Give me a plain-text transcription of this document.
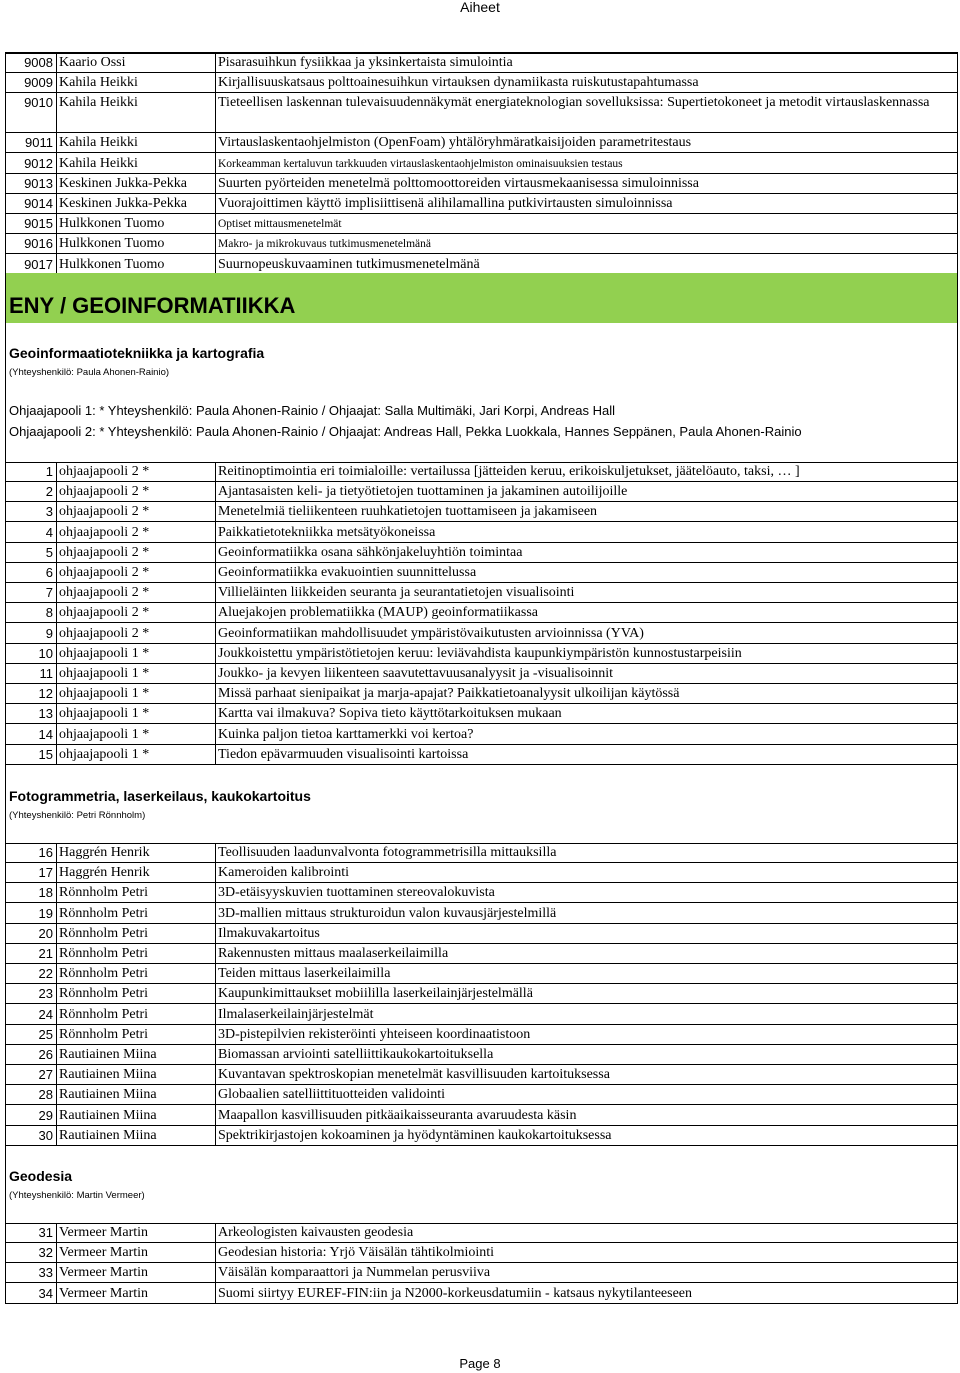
Aiheet
9008 Kaario Ossi	Pisarasuihkun fysiikkaa ja yksinkertaista simulointia
9009 Kahila Heikki	Kirjallisuuskatsaus polttoainesuihkun virtauksen dynamiikasta ruiskutustapahtumassa
9010 Kahila Heikki	Tieteellisen laskennan tulevaisuudennäkymät energiateknologian sovelluksissa: Supertietokoneet ja metodit virtauslaskennassa
9011 Kahila Heikki	Virtauslaskentaohjelmiston (OpenFoam) yhtälöryhmäratkaisijoiden parametritestaus
9012 Kahila Heikki	Korkeamman kertaluvun tarkkuuden virtauslaskentaohjelmiston ominaisuuksien testaus
9013 Keskinen Jukka-Pekka	Suurten pyörteiden menetelmä polttomoottoreiden virtausmekaanisessa simuloinnissa
9014 Keskinen Jukka-Pekka	Vuorajoittimen käyttö implisiittisenä alihilamallina putkivirtausten simuloinnissa
9015 Hulkkonen Tuomo	Optiset mittausmenetelmät
9016 Hulkkonen Tuomo	Makro- ja mikrokuvaus tutkimusmenetelmänä
9017 Hulkkonen Tuomo	Suurnopeuskuvaaminen tutkimusmenetelmänä
ENY / GEOINFORMATIIKKA
Geoinformaatiotekniikka ja kartografia
(Yhteyshenkilö: Paula Ahonen-Rainio)
Ohjaajapooli 1: * Yhteyshenkilö: Paula Ahonen-Rainio / Ohjaajat: Salla Multimäki, Jari Korpi, Andreas Hall
Ohjaajapooli 2: * Yhteyshenkilö: Paula Ahonen-Rainio / Ohjaajat: Andreas Hall, Pekka Luokkala, Hannes Seppänen, Paula Ahonen-Rainio
1 ohjaajapooli 2 *	Reitinoptimointia eri toimialoille: vertailussa [jätteiden keruu, erikoiskuljetukset, jäätelöauto, taksi, … ]
2 ohjaajapooli 2 *	Ajantasaisten keli- ja tietyötietojen tuottaminen ja jakaminen autoilijoille
3 ohjaajapooli 2 *	Menetelmiä tieliikenteen ruuhkatietojen tuottamiseen ja jakamiseen
4 ohjaajapooli 2 *	Paikkatietotekniikka metsätyökoneissa
5 ohjaajapooli 2 *	Geoinformatiikka osana sähkönjakeluyhtiön toimintaa
6 ohjaajapooli 2 *	Geoinformatiikka evakuointien suunnittelussa
7 ohjaajapooli 2 *	Villieläinten liikkeiden seuranta ja seurantatietojen visualisointi
8 ohjaajapooli 2 *	Aluejakojen problematiikka (MAUP) geoinformatiikassa
9 ohjaajapooli 2 *	Geoinformatiikan mahdollisuudet ympäristövaikutusten arvioinnissa (YVA)
10 ohjaajapooli 1 *	Joukkoistettu ympäristötietojen keruu: leviävahdista kaupunkiympäristön kunnostustarpeisiin
11 ohjaajapooli 1 *	Joukko- ja kevyen liikenteen saavutettavuusanalyysit ja -visualisoinnit
12 ohjaajapooli 1 *	Missä parhaat sienipaikat ja marja-apajat? Paikkatietoanalyysit ulkoilijan käytössä
13 ohjaajapooli 1 *	Kartta vai ilmakuva? Sopiva tieto käyttötarkoituksen mukaan
14 ohjaajapooli 1 *	Kuinka paljon tietoa karttamerkki voi kertoa?
15 ohjaajapooli 1 *	Tiedon epävarmuuden visualisointi kartoissa
Fotogrammetria, laserkeilaus, kaukokartoitus
(Yhteyshenkilö: Petri Rönnholm)
16 Haggrén Henrik	Teollisuuden laadunvalvonta fotogrammetrisilla mittauksilla
17 Haggrén Henrik	Kameroiden kalibrointi
18 Rönnholm Petri	3D-etäisyyskuvien tuottaminen stereovalokuvista
19 Rönnholm Petri	3D-mallien mittaus strukturoidun valon kuvausjärjestelmillä
20 Rönnholm Petri	Ilmakuvakartoitus
21 Rönnholm Petri	Rakennusten mittaus maalaserkeilaimilla
22 Rönnholm Petri	Teiden mittaus laserkeilaimilla
23 Rönnholm Petri	Kaupunkimittaukset mobiililla laserkeilainjärjestelmällä
24 Rönnholm Petri	Ilmalaserkeilainjärjestelmät
25 Rönnholm Petri	3D-pistepilvien rekisteröinti yhteiseen koordinaatistoon
26 Rautiainen Miina	Biomassan arviointi satelliittikaukokartoituksella
27 Rautiainen Miina	Kuvantavan spektroskopian menetelmät kasvillisuuden kartoituksessa
28 Rautiainen Miina	Globaalien satelliittituotteiden validointi
29 Rautiainen Miina	Maapallon kasvillisuuden pitkäaikaisseuranta avaruudesta käsin
30 Rautiainen Miina	Spektrikirjastojen kokoaminen ja hyödyntäminen kaukokartoituksessa
Geodesia
(Yhteyshenkilö: Martin Vermeer)
31 Vermeer Martin	Arkeologisten kaivausten geodesia
32 Vermeer Martin	Geodesian historia: Yrjö Väisälän tähtikolmiointi
33 Vermeer Martin	Väisälän komparaattori ja Nummelan perusviiva
34 Vermeer Martin	Suomi siirtyy EUREF-FIN:iin ja N2000-korkeusdatumiin - katsaus nykytilanteeseen
Page 8
